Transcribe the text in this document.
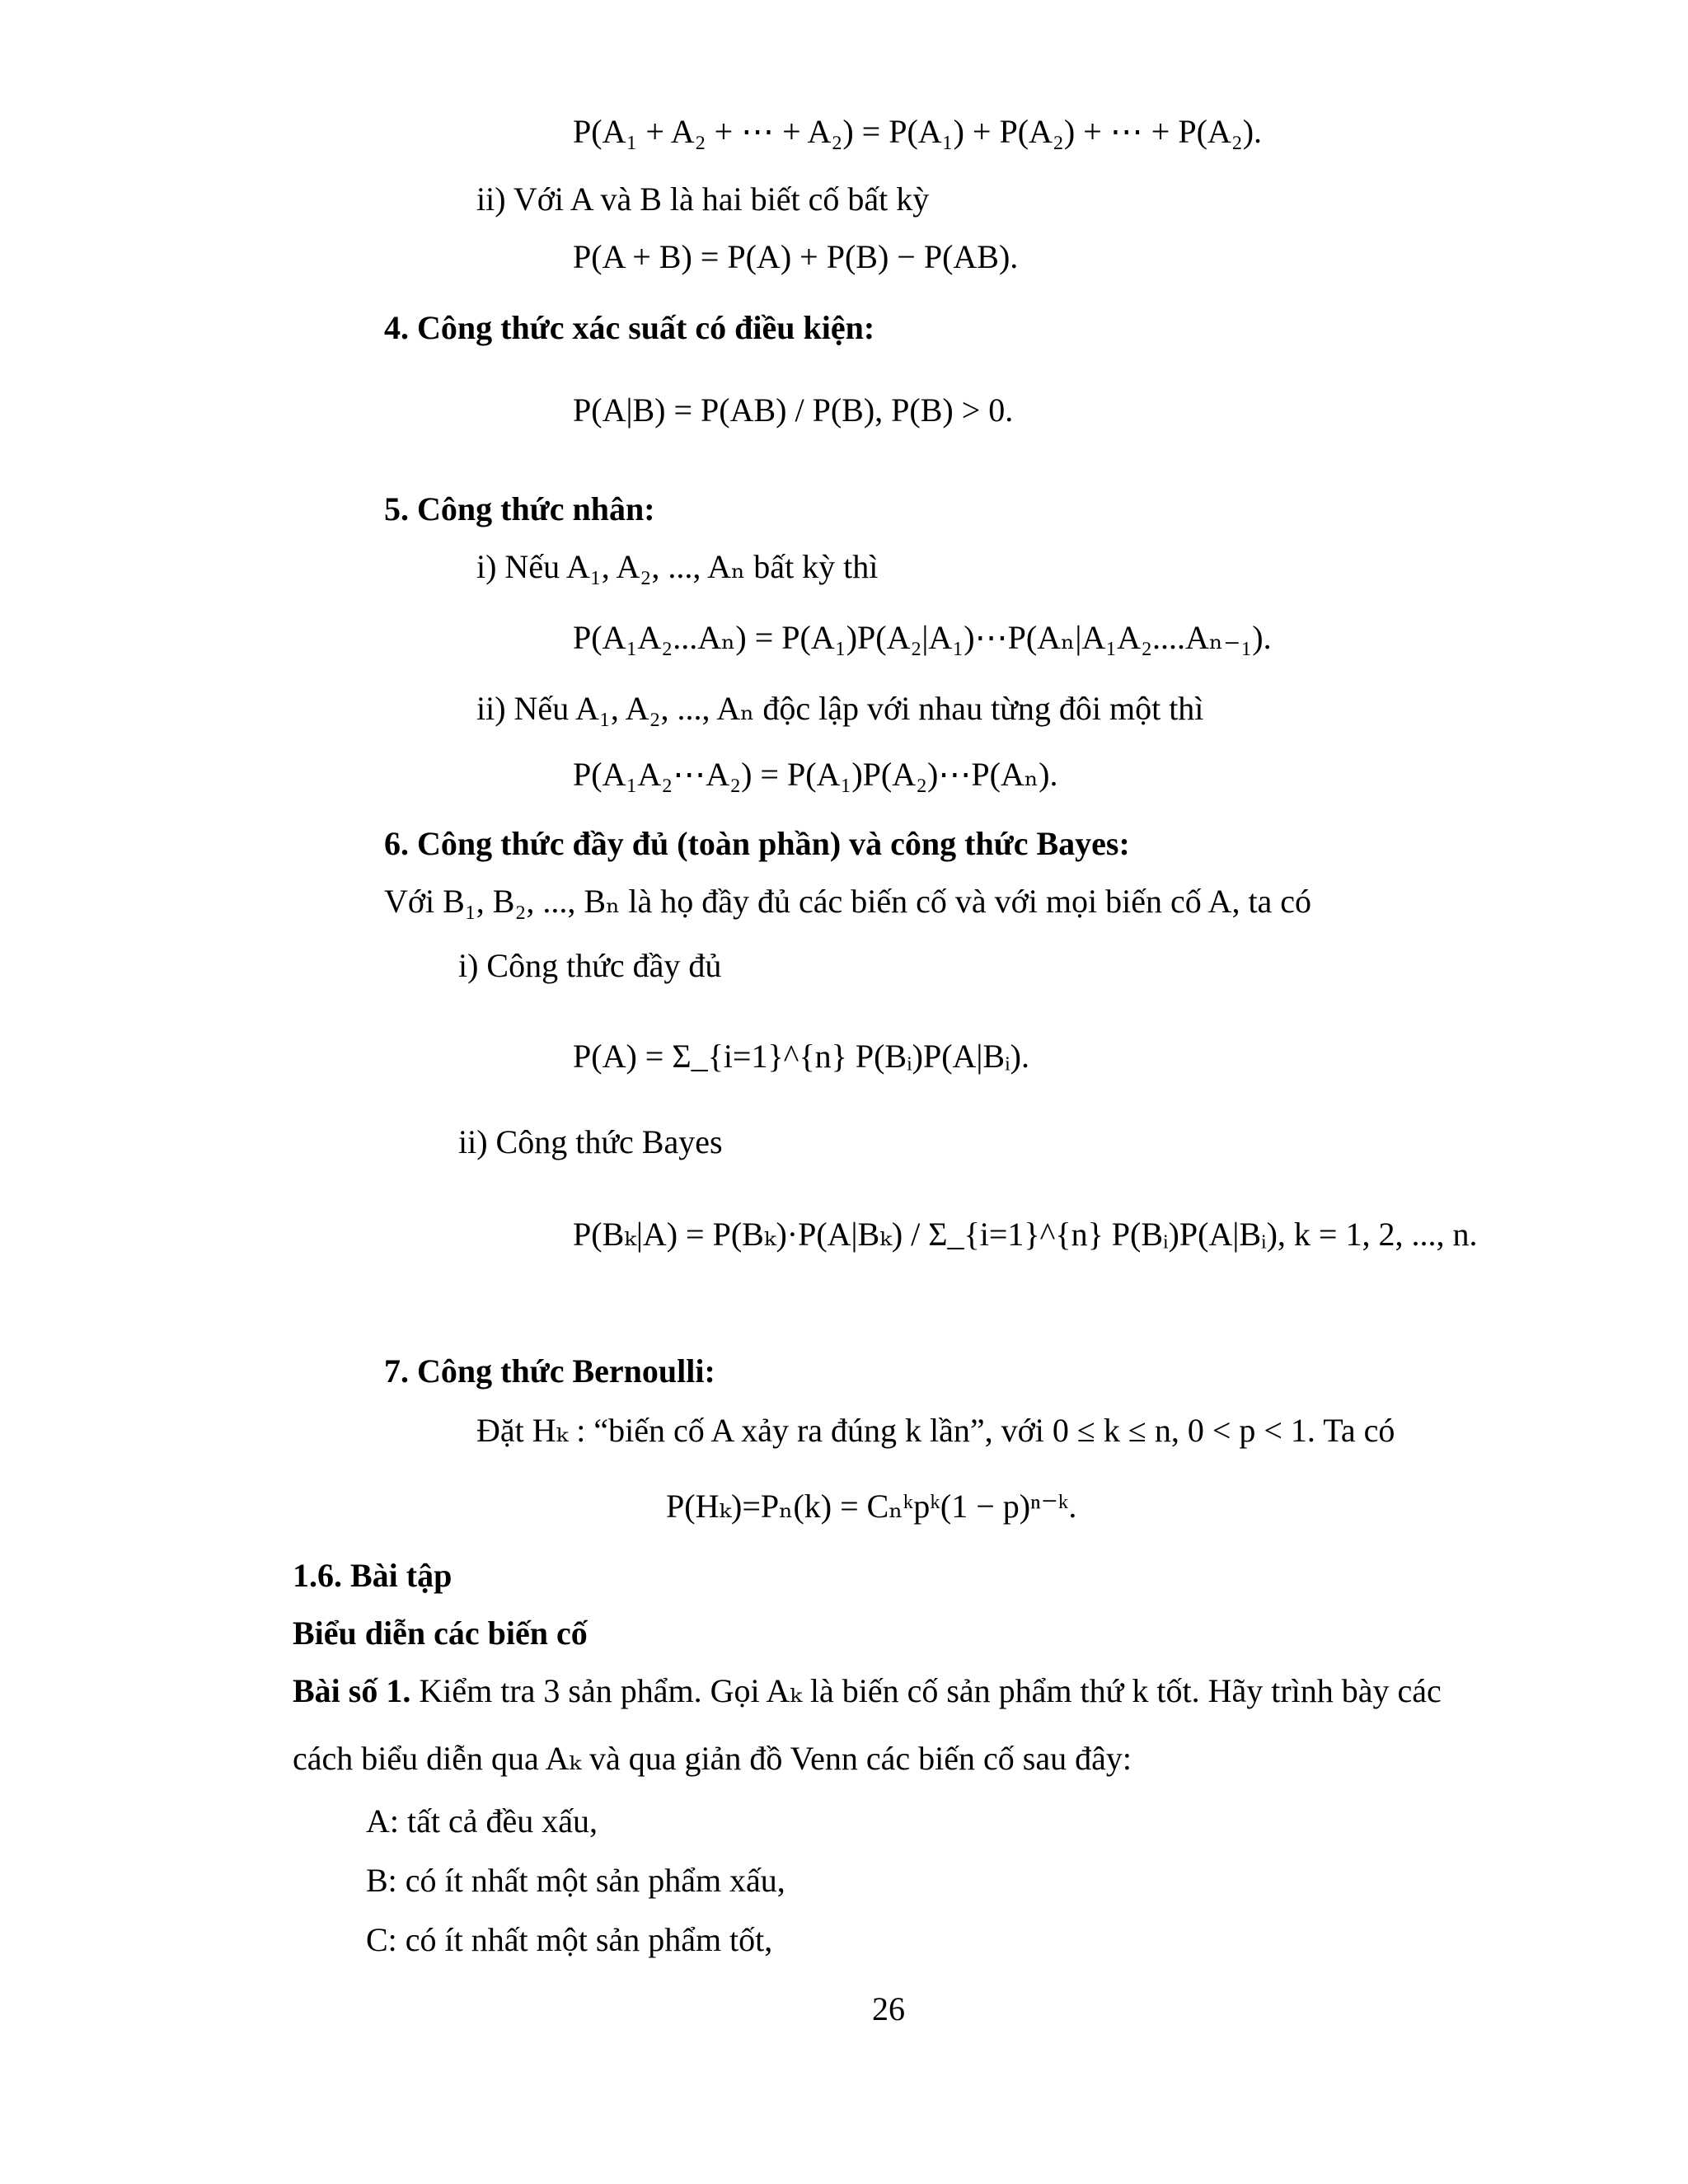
P(A₁ + A₂ + ⋯ + A₂) = P(A₁) + P(A₂) + ⋯ + P(A₂).
ii) Với A và B là hai biết cố bất kỳ
P(A + B) = P(A) + P(B) − P(AB).
4. Công thức xác suất có điều kiện:
P(A|B) = P(AB) / P(B), P(B) > 0.
5. Công thức nhân:
i) Nếu A₁, A₂, ..., Aₙ bất kỳ thì
P(A₁A₂...Aₙ) = P(A₁)P(A₂|A₁)⋯P(Aₙ|A₁A₂....Aₙ₋₁).
ii) Nếu A₁, A₂, ..., Aₙ độc lập với nhau từng đôi một thì
P(A₁A₂⋯A₂) = P(A₁)P(A₂)⋯P(Aₙ).
6. Công thức đầy đủ (toàn phần) và công thức Bayes:
Với B₁, B₂, ..., Bₙ là họ đầy đủ các biến cố và với mọi biến cố A, ta có
i) Công thức đầy đủ
P(A) = Σ_{i=1}^{n} P(Bᵢ)P(A|Bᵢ).
ii) Công thức Bayes
P(Bₖ|A) = P(Bₖ)·P(A|Bₖ) / Σ_{i=1}^{n} P(Bᵢ)P(A|Bᵢ), k = 1, 2, ..., n.
7. Công thức Bernoulli:
Đặt Hₖ : “biến cố A xảy ra đúng k lần”, với 0 ≤ k ≤ n, 0 < p < 1. Ta có
P(Hₖ)=Pₙ(k) = Cₙᵏpᵏ(1 − p)ⁿ⁻ᵏ.
1.6. Bài tập
Biểu diễn các biến cố
Bài số 1. Kiểm tra 3 sản phẩm. Gọi Aₖ là biến cố sản phẩm thứ k tốt. Hãy trình bày các
cách biểu diễn qua Aₖ và qua giản đồ Venn các biến cố sau đây:
A: tất cả đều xấu,
B: có ít nhất một sản phẩm xấu,
C: có ít nhất một sản phẩm tốt,
26
